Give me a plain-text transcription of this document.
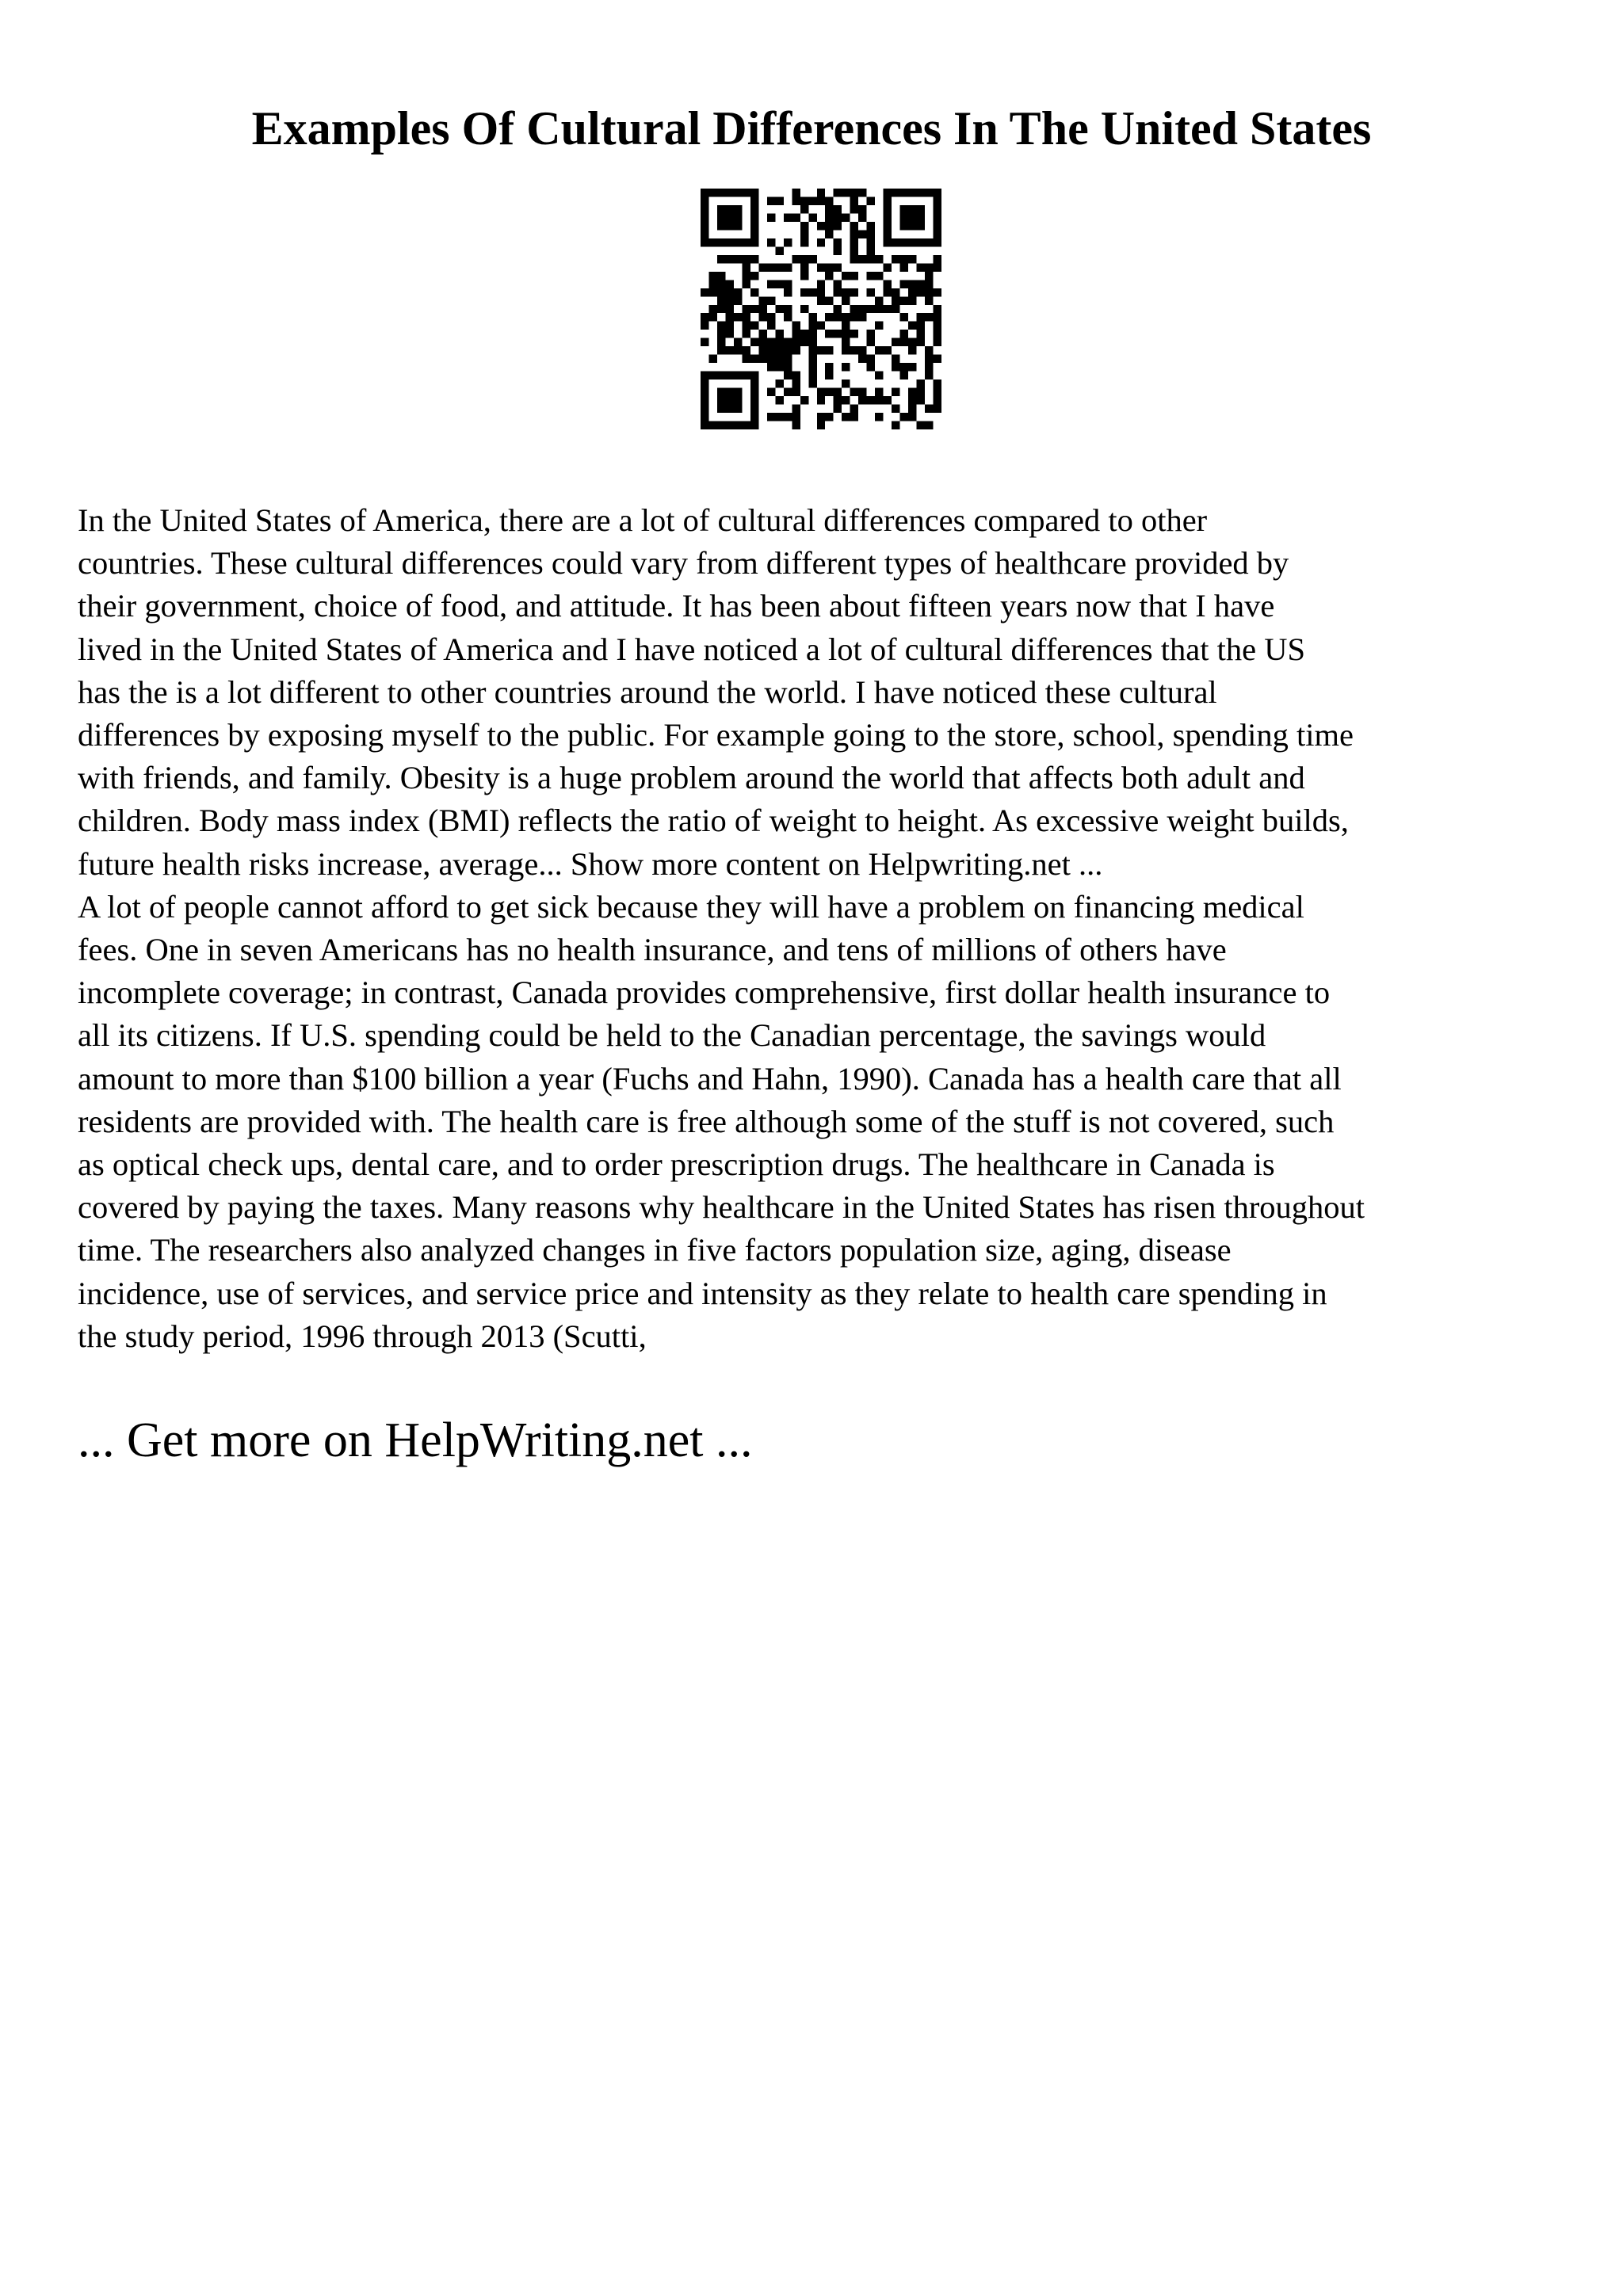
Examples Of Cultural Differences In The United States

In the United States of America, there are a lot of cultural differences compared to other
countries. These cultural differences could vary from different types of healthcare provided by
their government, choice of food, and attitude. It has been about fifteen years now that I have
lived in the United States of America and I have noticed a lot of cultural differences that the US
has the is a lot different to other countries around the world. I have noticed these cultural
differences by exposing myself to the public. For example going to the store, school, spending time
with friends, and family. Obesity is a huge problem around the world that affects both adult and
children. Body mass index (BMI) reflects the ratio of weight to height. As excessive weight builds,
future health risks increase, average... Show more content on Helpwriting.net ...

A lot of people cannot afford to get sick because they will have a problem on financing medical
fees. One in seven Americans has no health insurance, and tens of millions of others have
incomplete coverage; in contrast, Canada provides comprehensive, first dollar health insurance to
all its citizens. If U.S. spending could be held to the Canadian percentage, the savings would
amount to more than $100 billion a year (Fuchs and Hahn, 1990). Canada has a health care that all
residents are provided with. The health care is free although some of the stuff is not covered, such
as optical check ups, dental care, and to order prescription drugs. The healthcare in Canada is
covered by paying the taxes. Many reasons why healthcare in the United States has risen throughout
time. The researchers also analyzed changes in five factors population size, aging, disease
incidence, use of services, and service price and intensity as they relate to health care spending in
the study period, 1996 through 2013 (Scutti,

... Get more on HelpWriting.net ...
